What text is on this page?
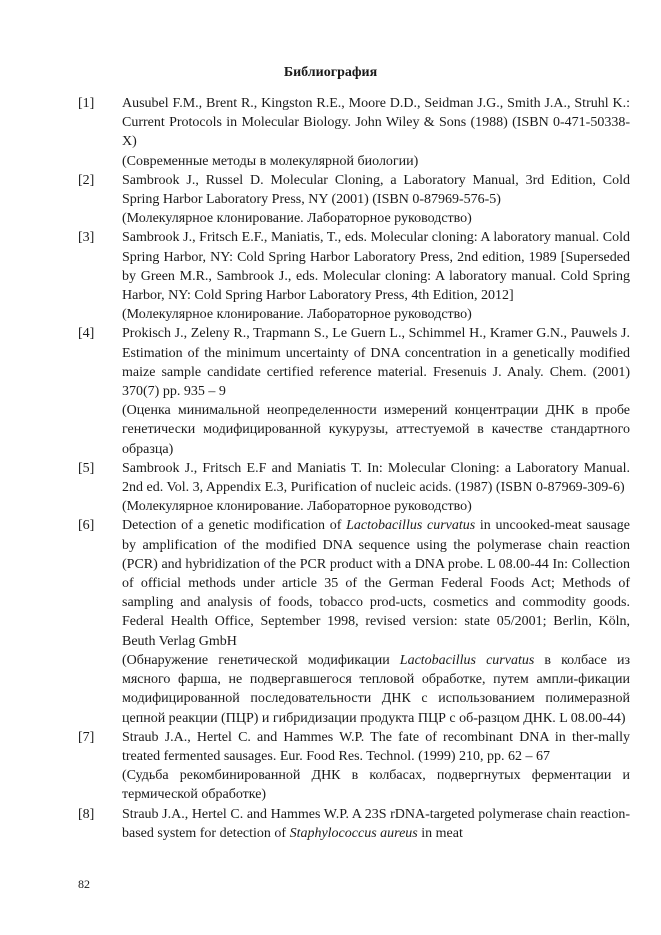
Библиография
[1]	Ausubel F.M., Brent R., Kingston R.E., Moore D.D., Seidman J.G., Smith J.A., Struhl K.: Current Protocols in Molecular Biology. John Wiley & Sons (1988) (ISBN 0-471-50338-X)

(Современные методы в молекулярной биологии)

[2]	Sambrook J., Russel D. Molecular Cloning, a Laboratory Manual, 3rd Edition, Cold Spring Harbor Laboratory Press, NY (2001) (ISBN 0-87969-576-5)

(Молекулярное клонирование. Лабораторное руководство)

[3]	Sambrook J., Fritsch E.F., Maniatis, T., eds. Molecular cloning: A laboratory manual. Cold Spring Harbor, NY: Cold Spring Harbor Laboratory Press, 2nd edition, 1989 [Superseded by Green M.R., Sambrook J., eds. Molecular cloning: A laboratory manual. Cold Spring Harbor, NY: Cold Spring Harbor Laboratory Press, 4th Edition, 2012]

(Молекулярное клонирование. Лабораторное руководство)

[4]	Prokisch J., Zeleny R., Trapmann S., Le Guern L., Schimmel H., Kramer G.N., Pauwels J. Estimation of the minimum uncertainty of DNA concentration in a genetically modified maize sample candidate certified reference material. Fresenuis J. Analy. Chem. (2001) 370(7) pp. 935 – 9

(Оценка минимальной неопределенности измерений концентрации ДНК в пробе генетически модифицированной кукурузы, аттестуемой в качестве стандартного образца)

[5]	Sambrook J., Fritsch E.F and Maniatis T. In: Molecular Cloning: a Laboratory Manual. 2nd ed. Vol. 3, Appendix E.3, Purification of nucleic acids. (1987) (ISBN 0-87969-309-6)

(Молекулярное клонирование. Лабораторное руководство)

[6]	Detection of a genetic modification of Lactobacillus curvatus in uncooked-meat sausage by amplification of the modified DNA sequence using the polymerase chain reaction (PCR) and hybridization of the PCR product with a DNA probe. L 08.00-44 In: Collection of official methods under article 35 of the German Federal Foods Act; Methods of sampling and analysis of foods, tobacco prod-ucts, cosmetics and commodity goods. Federal Health Office, September 1998, revised version: state 05/2001; Berlin, Köln, Beuth Verlag GmbH

(Обнаружение генетической модификации Lactobacillus curvatus в колбасе из мясного фарша, не подвергавшегося тепловой обработке, путем ампли-фикации модифицированной последовательности ДНК с использованием полимеразной цепной реакции (ПЦР) и гибридизации продукта ПЦР с об-разцом ДНК. L 08.00-44)

[7]	Straub J.A., Hertel C. and Hammes W.P. The fate of recombinant DNA in ther-mally treated fermented sausages. Eur. Food Res. Technol. (1999) 210, pp. 62 – 67

(Судьба рекомбинированной ДНК в колбасах, подвергнутых ферментации и термической обработке)

[8]	Straub J.A., Hertel C. and Hammes W.P. A 23S rDNA-targeted polymerase chain reaction-based system for detection of Staphylococcus aureus in meat

82
